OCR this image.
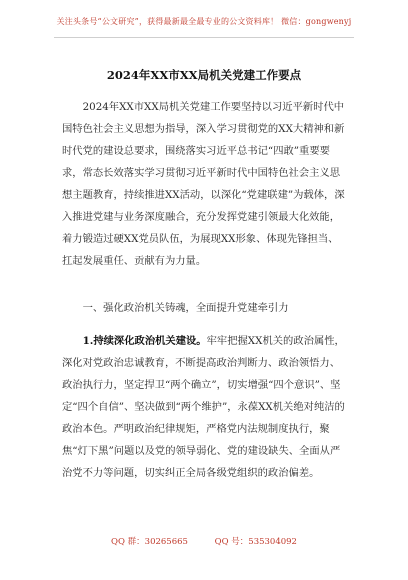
关注头条号“公文研究”，获得最新最全最专业的公文资料库！ 微信：gongwenyj
2024年XX市XX局机关党建工作要点

2024年XX市XX局机关党建工作要坚持以习近平新时代中国特色社会主义思想为指导，深入学习贯彻党的XX大精神和新时代党的建设总要求，围绕落实习近平总书记“四敢”重要要求，常态长效落实学习贯彻习近平新时代中国特色社会主义思想主题教育，持续推进XX活动，以深化“党建联建”为载体，深入推进党建与业务深度融合，充分发挥党建引领最大化效能，着力锻造过硬XX党员队伍，为展现XX形象、体现先锋担当、扛起发展重任、贡献有为力量。

一、强化政治机关铸魂，全面提升党建牵引力

1.持续深化政治机关建设。牢牢把握XX机关的政治属性，深化对党政治忠诚教育，不断提高政治判断力、政治领悟力、政治执行力，坚定捍卫“两个确立”，切实增强“四个意识”、坚定“四个自信”、坚决做到“两个维护”，永葆XX机关绝对纯洁的政治本色。严明政治纪律规矩，严格党内法规制度执行，聚焦“灯下黑”问题以及党的领导弱化、党的建设缺失、全面从严治党不力等问题，切实纠正全局各级党组织的政治偏差。

QQ 群：30265665	QQ 号：535304092
